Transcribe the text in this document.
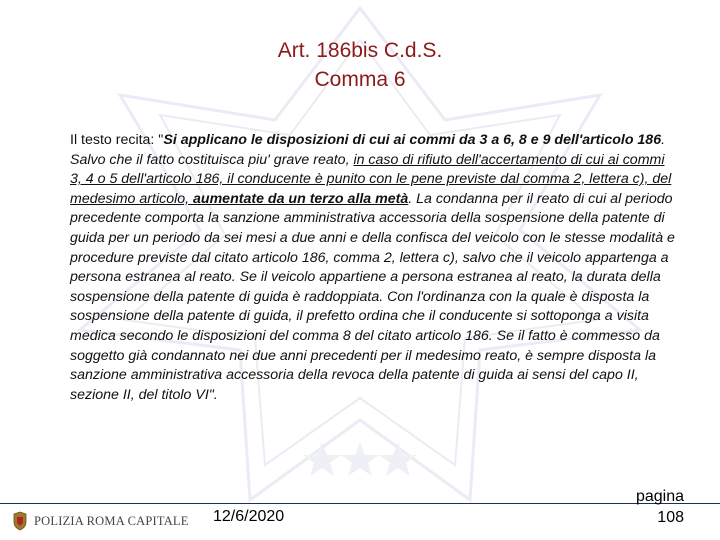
Art. 186bis C.d.S.
Comma 6
Il testo recita: "Si applicano le disposizioni di cui ai commi da 3 a 6, 8 e 9 dell'articolo 186. Salvo che il fatto costituisca piu' grave reato, in caso di rifiuto dell'accertamento di cui ai commi 3, 4 o 5 dell'articolo 186, il conducente è punito con le pene previste dal comma 2, lettera c), del medesimo articolo, aumentate da un terzo alla metà. La condanna per il reato di cui al periodo precedente comporta la sanzione amministrativa accessoria della sospensione della patente di guida per un periodo da sei mesi a due anni e della confisca del veicolo con le stesse modalità e procedure previste dal citato articolo 186, comma 2, lettera c), salvo che il veicolo appartenga a persona estranea al reato. Se il veicolo appartiene a persona estranea al reato, la durata della sospensione della patente di guida è raddoppiata. Con l'ordinanza con la quale è disposta la sospensione della patente di guida, il prefetto ordina che il conducente si sottoponga a visita medica secondo le disposizioni del comma 8 del citato articolo 186. Se il fatto è commesso da soggetto già condannato nei due anni precedenti per il medesimo reato, è sempre disposta la sanzione amministrativa accessoria della revoca della patente di guida ai sensi del capo II, sezione II, del titolo VI".
POLIZIA ROMA CAPITALE 12/6/2020
pagina
108
